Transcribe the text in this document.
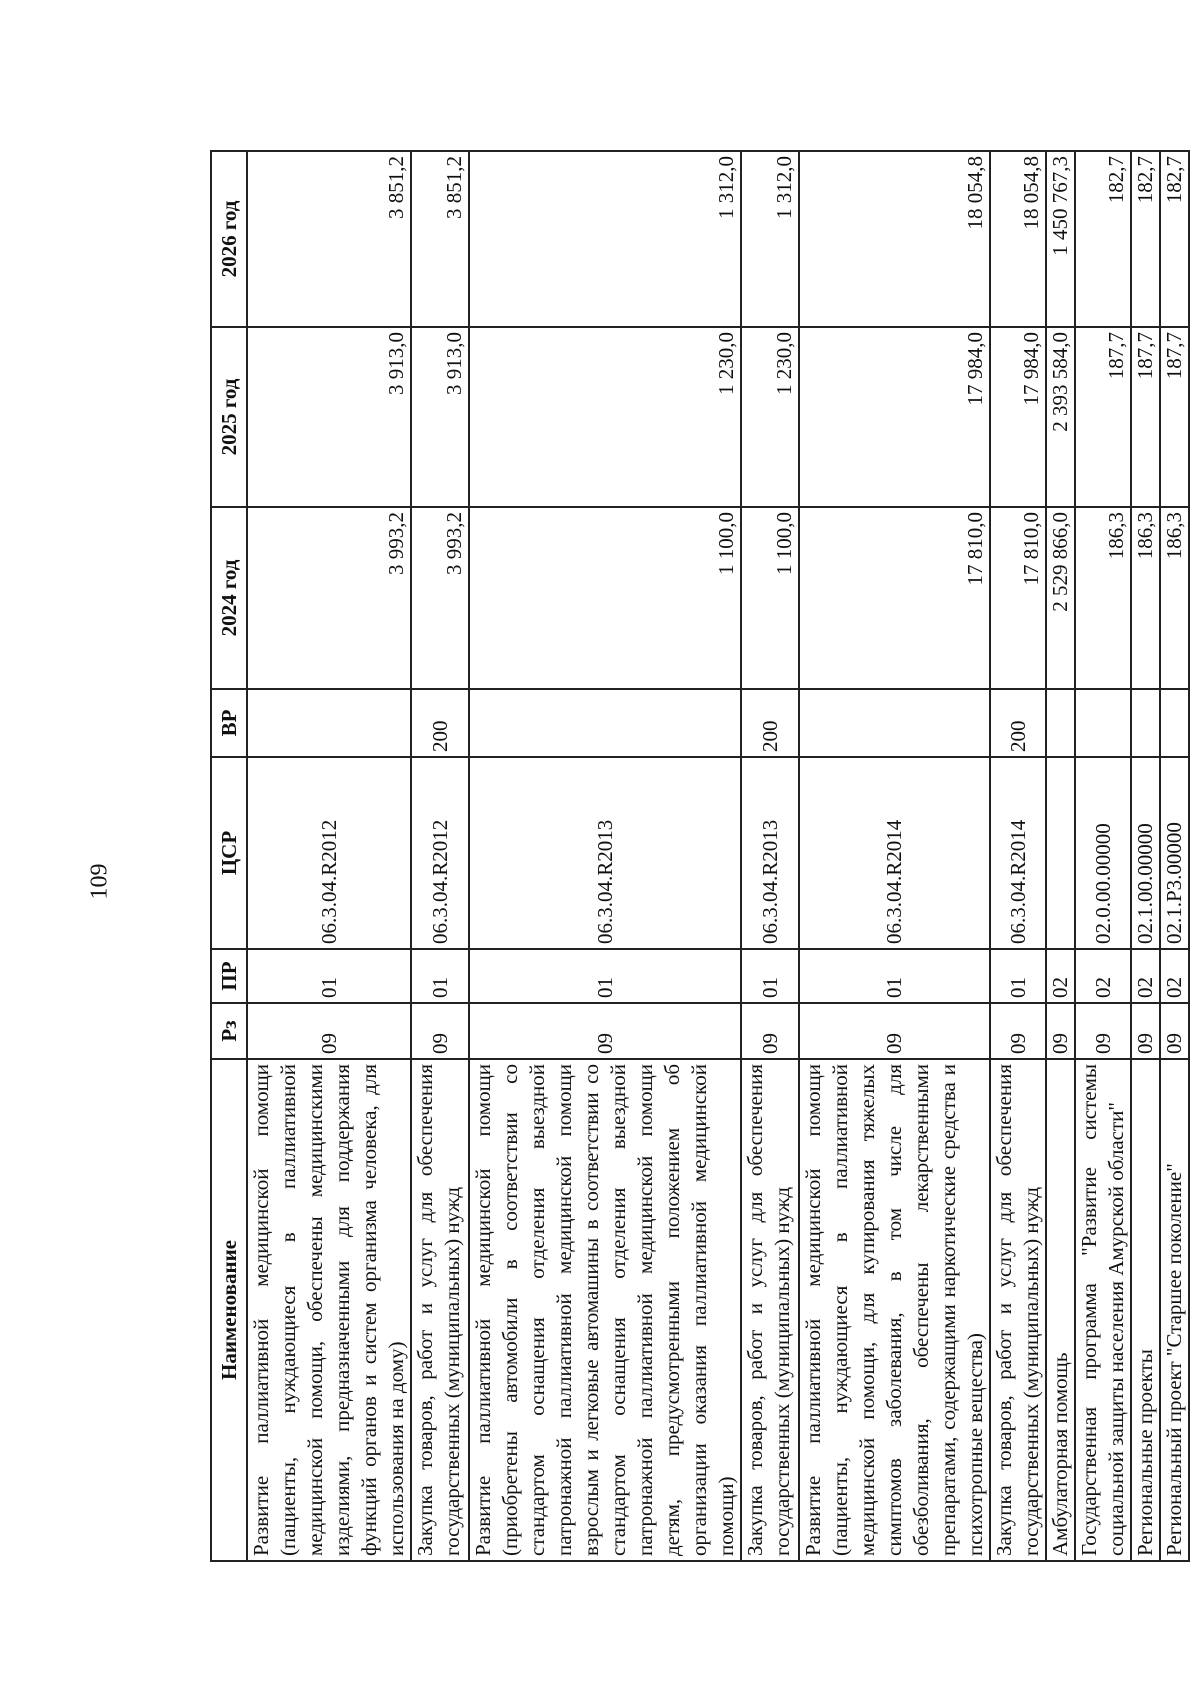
109
Наименование	Рз	ПР	ЦСР	ВР	2024 год	2025 год	2026 год
Развитие паллиативной медицинской помощи (пациенты, нуждающиеся в паллиативной медицинской помощи, обеспечены медицинскими изделиями, предназначенными для поддержания функций органов и систем организма человека, для использования на дому)	09	01	06.3.04.R2012		3 993,2	3 913,0	3 851,2
Закупка товаров, работ и услуг для обеспечения государственных (муниципальных) нужд	09	01	06.3.04.R2012	200	3 993,2	3 913,0	3 851,2
Развитие паллиативной медицинской помощи (приобретены автомобили в соответствии со стандартом оснащения отделения выездной патронажной паллиативной медицинской помощи взрослым и легковые автомашины в соответствии со стандартом оснащения отделения выездной патронажной паллиативной медицинской помощи детям, предусмотренными положением об организации оказания паллиативной медицинской помощи)	09	01	06.3.04.R2013		1 100,0	1 230,0	1 312,0
Закупка товаров, работ и услуг для обеспечения государственных (муниципальных) нужд	09	01	06.3.04.R2013	200	1 100,0	1 230,0	1 312,0
Развитие паллиативной медицинской помощи (пациенты, нуждающиеся в паллиативной медицинской помощи, для купирования тяжелых симптомов заболевания, в том числе для обезболивания, обеспечены лекарственными препаратами, содержащими наркотические средства и психотропные вещества)	09	01	06.3.04.R2014		17 810,0	17 984,0	18 054,8
Закупка товаров, работ и услуг для обеспечения государственных (муниципальных) нужд	09	01	06.3.04.R2014	200	17 810,0	17 984,0	18 054,8
Амбулаторная помощь	09	02			2 529 866,0	2 393 584,0	1 450 767,3
Государственная программа "Развитие системы социальной защиты населения Амурской области"	09	02	02.0.00.00000		186,3	187,7	182,7
Региональные проекты	09	02	02.1.00.00000		186,3	187,7	182,7
Региональный проект "Старшее поколение"	09	02	02.1.P3.00000		186,3	187,7	182,7
